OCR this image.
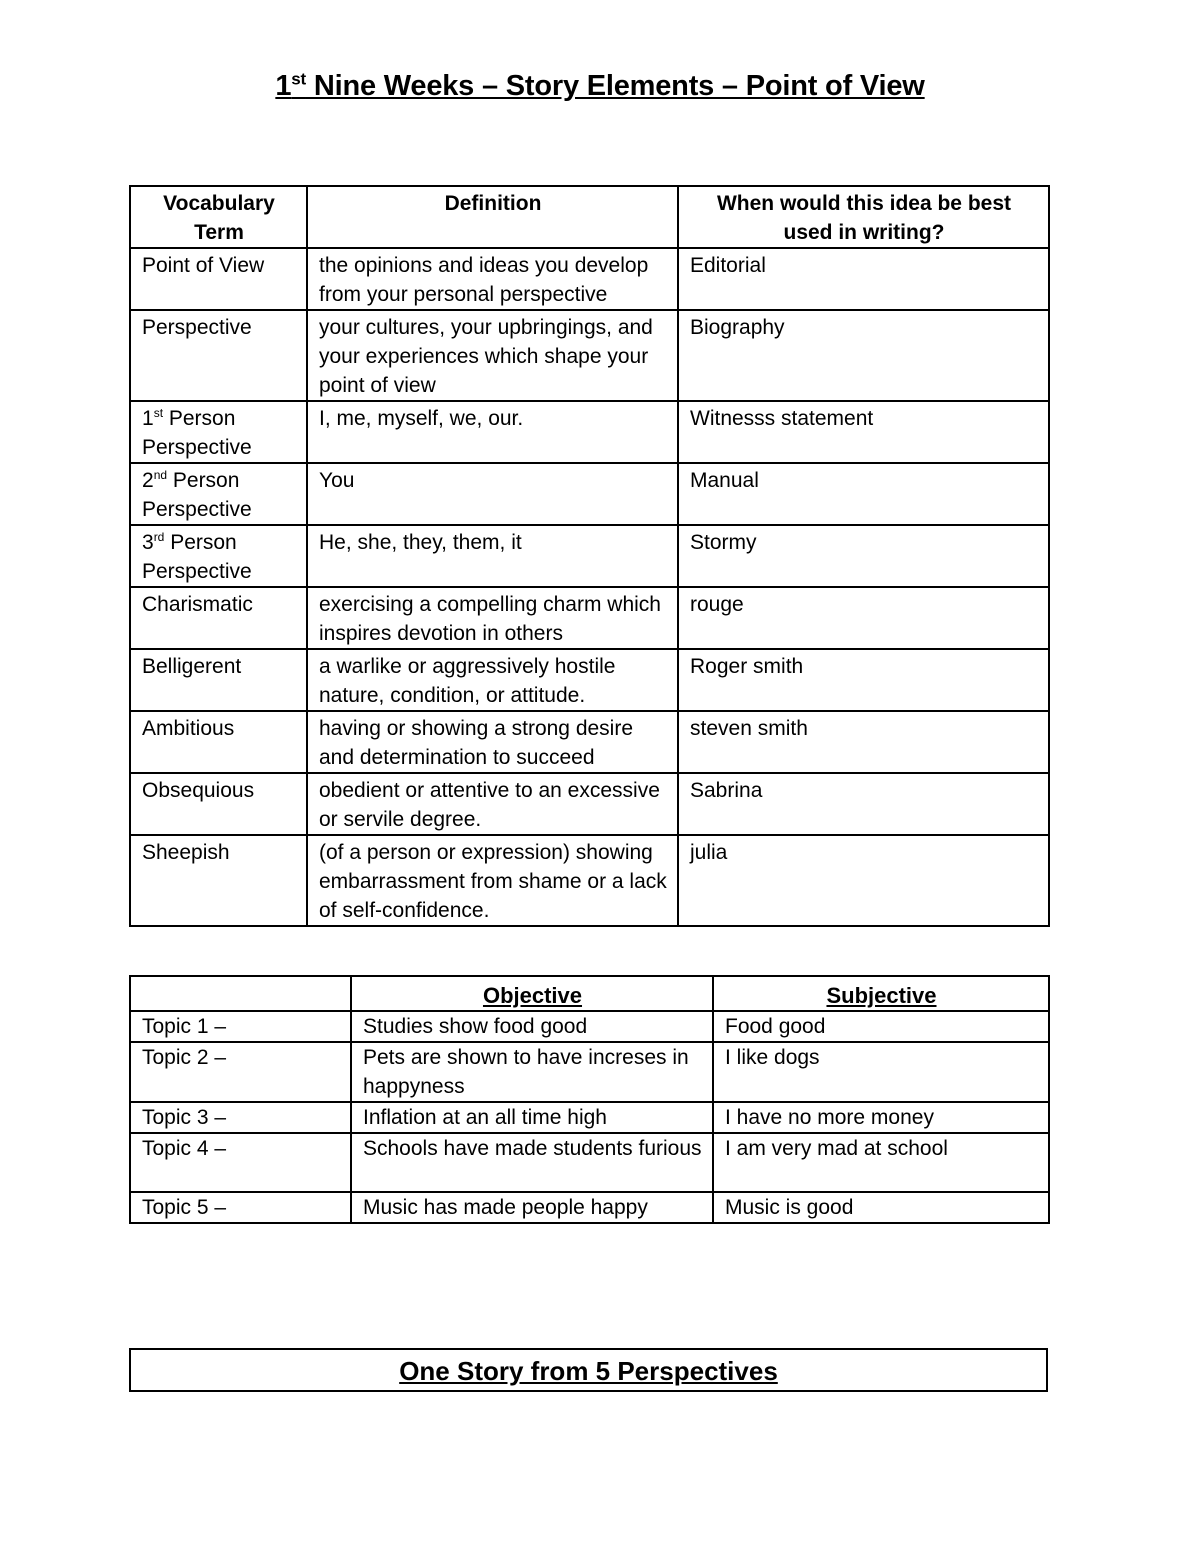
1st Nine Weeks – Story Elements – Point of View
Vocabulary Term	Definition	When would this idea be best used in writing?
Point of View	the opinions and ideas you develop from your personal perspective	Editorial
Perspective	your cultures, your upbringings, and your experiences which shape your point of view	Biography
1st Person Perspective	I, me, myself, we, our.	Witnesss statement
2nd Person Perspective	You	Manual
3rd Person Perspective	He, she, they, them, it	Stormy
Charismatic	exercising a compelling charm which inspires devotion in others	rouge
Belligerent	a warlike or aggressively hostile nature, condition, or attitude.	Roger smith
Ambitious	having or showing a strong desire and determination to succeed	steven smith
Obsequious	obedient or attentive to an excessive or servile degree.	Sabrina
Sheepish	(of a person or expression) showing embarrassment from shame or a lack of self-confidence.	julia
	Objective	Subjective
Topic 1 –	Studies show food good	Food good
Topic 2 –	Pets are shown to have increses in happyness	I like dogs
Topic 3 –	Inflation at an all time high	I have no more money
Topic 4 –	Schools have made students furious	I am very mad at school
Topic 5 –	Music has made people happy	Music is good
One Story from 5 Perspectives
